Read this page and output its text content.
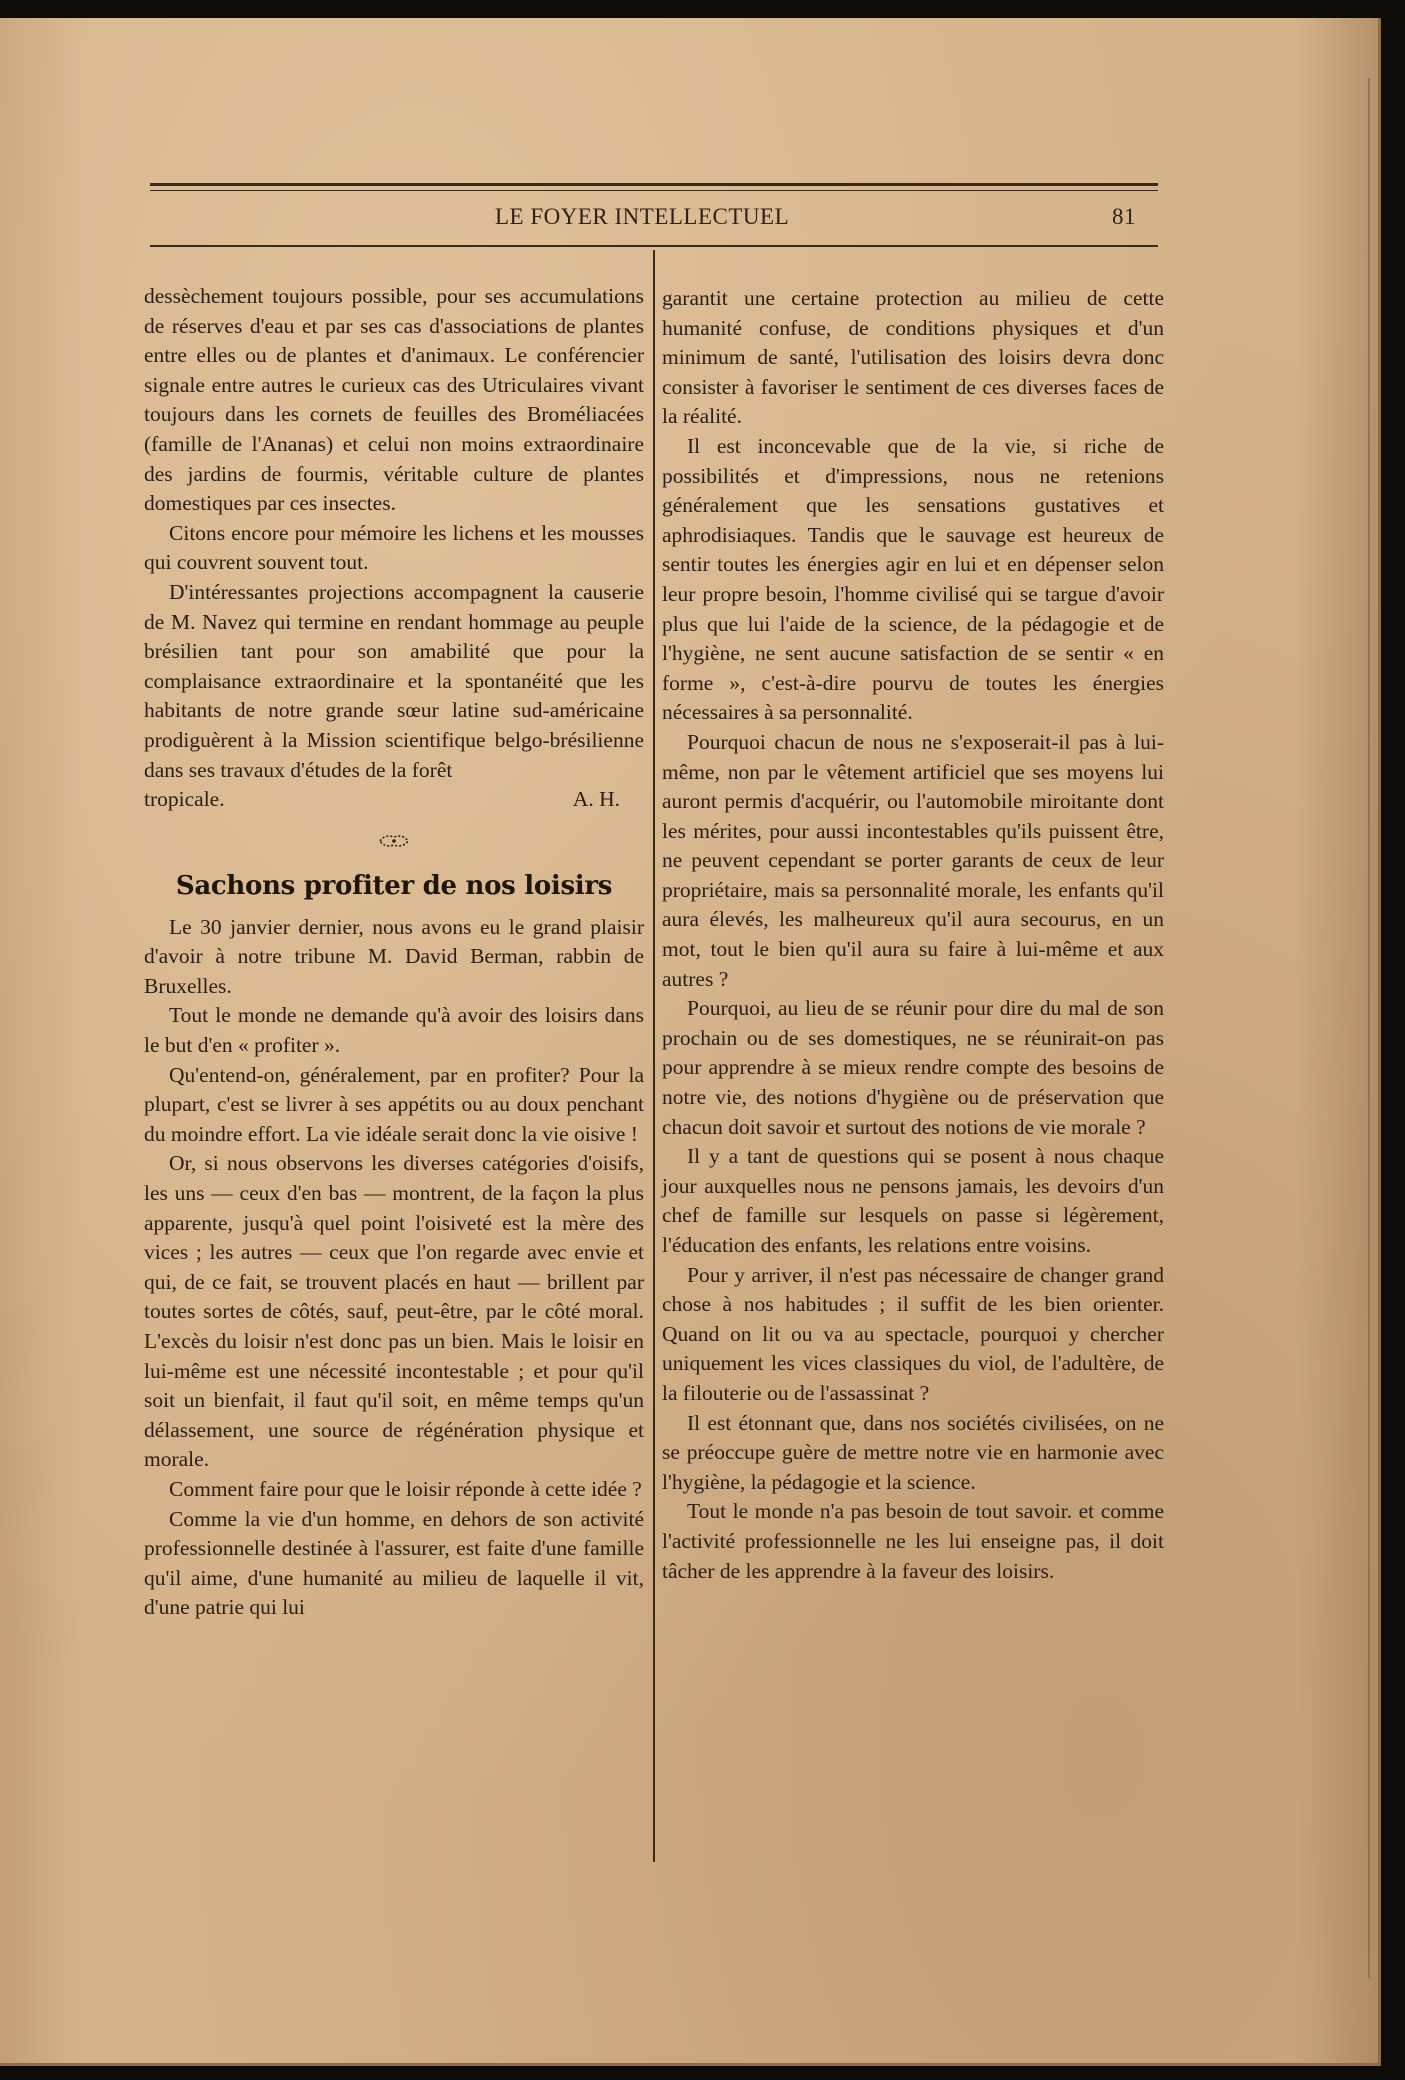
LE FOYER INTELLECTUEL	81

dessèchement toujours possible, pour ses accumulations de réserves d'eau et par ses cas d'associations de plantes entre elles ou de plantes et d'animaux. Le conférencier signale entre autres le curieux cas des Utriculaires vivant toujours dans les cornets de feuilles des Broméliacées (famille de l'Ananas) et celui non moins extraordinaire des jardins de fourmis, véritable culture de plantes domestiques par ces insectes.

Citons encore pour mémoire les lichens et les mousses qui couvrent souvent tout.

D'intéressantes projections accompagnent la causerie de M. Navez qui termine en rendant hommage au peuple brésilien tant pour son amabilité que pour la complaisance extraordinaire et la spontanéité que les habitants de notre grande sœur latine sud-américaine prodiguèrent à la Mission scientifique belgo-brésilienne dans ses travaux d'études de la forêt

tropicale.	A. H.
Sachons profiter de nos loisirs

Le 30 janvier dernier, nous avons eu le grand plaisir d'avoir à notre tribune M. David Berman, rabbin de Bruxelles.

Tout le monde ne demande qu'à avoir des loisirs dans le but d'en « profiter ».

Qu'entend-on, généralement, par en profiter? Pour la plupart, c'est se livrer à ses appétits ou au doux penchant du moindre effort. La vie idéale serait donc la vie oisive !

Or, si nous observons les diverses catégories d'oisifs, les uns — ceux d'en bas — montrent, de la façon la plus apparente, jusqu'à quel point l'oisiveté est la mère des vices ; les autres — ceux que l'on regarde avec envie et qui, de ce fait, se trouvent placés en haut — brillent par toutes sortes de côtés, sauf, peut-être, par le côté moral. L'excès du loisir n'est donc pas un bien. Mais le loisir en lui-même est une nécessité incontestable ; et pour qu'il soit un bienfait, il faut qu'il soit, en même temps qu'un délassement, une source de régénération physique et morale.

Comment faire pour que le loisir réponde à cette idée ?

Comme la vie d'un homme, en dehors de son activité professionnelle destinée à l'assurer, est faite d'une famille qu'il aime, d'une humanité au milieu de laquelle il vit, d'une patrie qui lui

garantit une certaine protection au milieu de cette humanité confuse, de conditions physiques et d'un minimum de santé, l'utilisation des loisirs devra donc consister à favoriser le sentiment de ces diverses faces de la réalité.

Il est inconcevable que de la vie, si riche de possibilités et d'impressions, nous ne retenions généralement que les sensations gustatives et aphrodisiaques. Tandis que le sauvage est heureux de sentir toutes les énergies agir en lui et en dépenser selon leur propre besoin, l'homme civilisé qui se targue d'avoir plus que lui l'aide de la science, de la pédagogie et de l'hygiène, ne sent aucune satisfaction de se sentir « en forme », c'est-à-dire pourvu de toutes les énergies nécessaires à sa personnalité.

Pourquoi chacun de nous ne s'exposerait-il pas à lui-même, non par le vêtement artificiel que ses moyens lui auront permis d'acquérir, ou l'automobile miroitante dont les mérites, pour aussi incontestables qu'ils puissent être, ne peuvent cependant se porter garants de ceux de leur propriétaire, mais sa personnalité morale, les enfants qu'il aura élevés, les malheureux qu'il aura secourus, en un mot, tout le bien qu'il aura su faire à lui-même et aux autres ?

Pourquoi, au lieu de se réunir pour dire du mal de son prochain ou de ses domestiques, ne se réunirait-on pas pour apprendre à se mieux rendre compte des besoins de notre vie, des notions d'hygiène ou de préservation que chacun doit savoir et surtout des notions de vie morale ?

Il y a tant de questions qui se posent à nous chaque jour auxquelles nous ne pensons jamais, les devoirs d'un chef de famille sur lesquels on passe si légèrement, l'éducation des enfants, les relations entre voisins.

Pour y arriver, il n'est pas nécessaire de changer grand chose à nos habitudes ; il suffit de les bien orienter. Quand on lit ou va au spectacle, pourquoi y chercher uniquement les vices classiques du viol, de l'adultère, de la filouterie ou de l'assassinat ?

Il est étonnant que, dans nos sociétés civilisées, on ne se préoccupe guère de mettre notre vie en harmonie avec l'hygiène, la pédagogie et la science.

Tout le monde n'a pas besoin de tout savoir. et comme l'activité professionnelle ne les lui enseigne pas, il doit tâcher de les apprendre à la faveur des loisirs.
